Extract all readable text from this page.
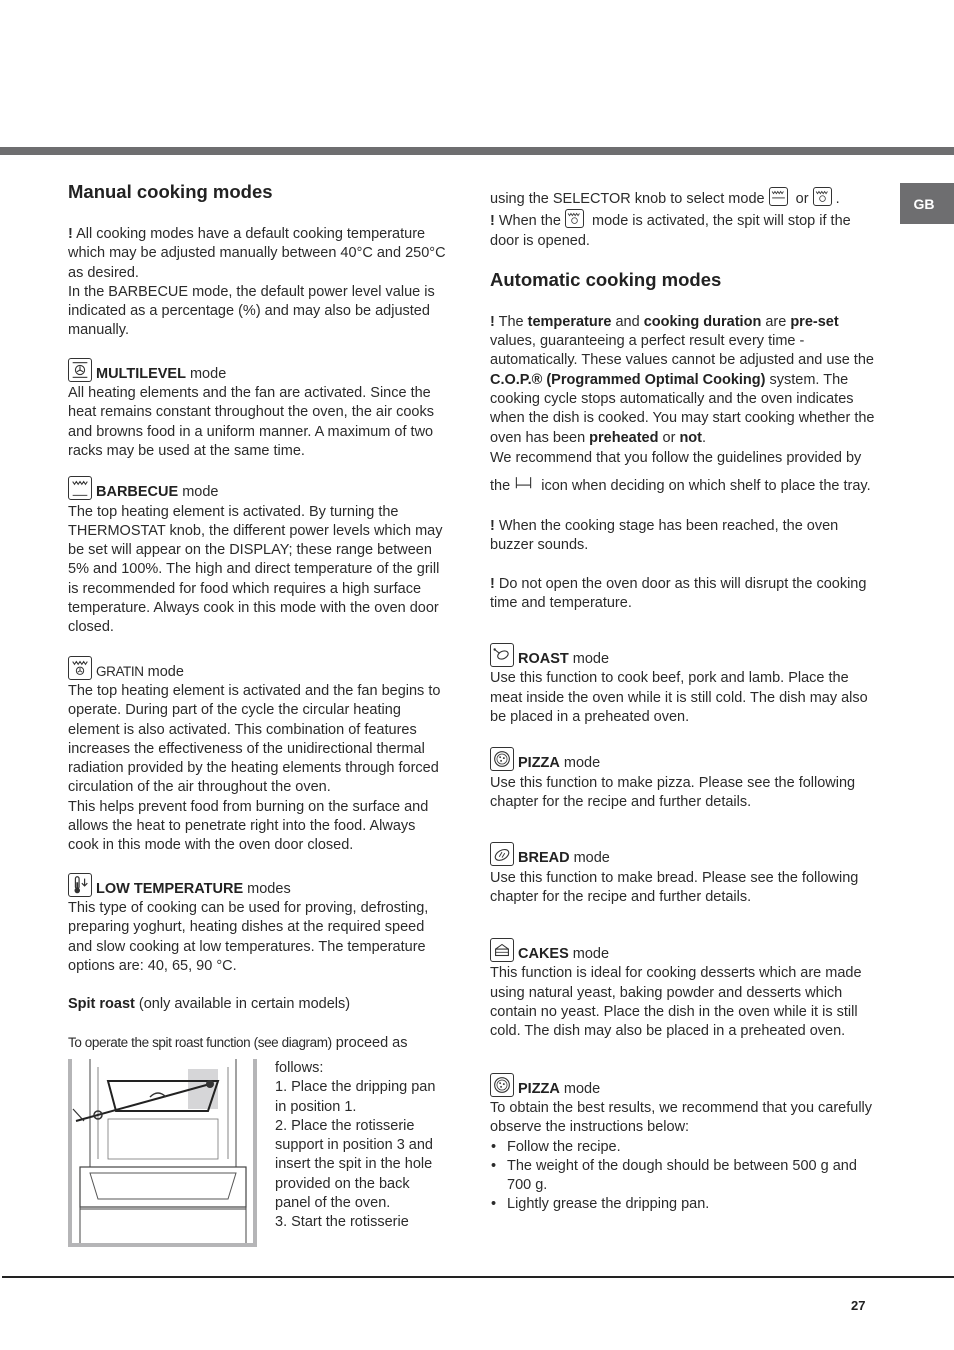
GB
Manual cooking modes

! All cooking modes have a default cooking temperature which may be adjusted manually between 40°C and 250°C as desired.

In the BARBECUE mode, the default power level value is indicated as a percentage (%) and may also be adjusted manually.

MULTILEVEL mode

All heating elements and the fan are activated. Since the heat remains constant throughout the oven, the air cooks and browns food in a uniform manner. A maximum of two racks may be used at the same time.

BARBECUE mode

The top heating element is activated. By turning the THERMOSTAT knob, the different power levels which may be set will appear on the DISPLAY; these range between 5% and 100%. The high and direct temperature of the grill is recommended for food which requires a high surface temperature. Always cook in this mode with the oven door closed.

GRATIN mode

The top heating element is activated and the fan begins to operate. During part of the cycle the circular heating element is also activated. This combination of features increases the effectiveness of the unidirectional thermal radiation provided by the heating elements through forced circulation of the air throughout the oven.

This helps prevent food from burning on the surface and allows the heat to penetrate right into the food. Always cook in this mode with the oven door closed.

LOW TEMPERATURE modes

This type of cooking can be used for proving, defrosting, preparing yoghurt, heating dishes at the required speed and slow cooking at low temperatures. The temperature options are: 40, 65, 90 °C.

Spit roast (only available in certain models)

To operate the spit roast function (see diagram) proceed as

follows:

1. Place the dripping pan in position 1.
2. Place the rotisserie support in position 3 and insert the spit in the hole provided on the back panel of the oven.
3. Start the rotisserie

using the SELECTOR knob to select mode
or
.

! When the
mode is activated, the spit will stop if the door is opened.

Automatic cooking modes

! The temperature and cooking duration are pre-set values, guaranteeing a perfect result every time - automatically. These values cannot be adjusted and use the C.O.P.® (Programmed Optimal Cooking) system. The cooking cycle stops automatically and the oven indicates when the dish is cooked. You may start cooking whether the oven has been preheated or not.

We recommend that you follow the guidelines provided by the
icon when deciding on which shelf to place the tray.

! When the cooking stage has been reached, the oven buzzer sounds.

! Do not open the oven door as this will disrupt the cooking time and temperature.

ROAST mode

Use this function to cook beef, pork and lamb. Place the meat inside the oven while it is still cold. The dish may also be placed in a preheated oven.

PIZZA mode

Use this function to make pizza. Please see the following chapter for the recipe and further details.

BREAD mode

Use this function to make bread. Please see the following chapter for the recipe and further details.

CAKES mode

This function is ideal for cooking desserts which are made using natural yeast, baking powder and desserts which contain no yeast. Place the dish in the oven while it is still cold. The dish may also be placed in a preheated oven.

PIZZA mode

To obtain the best results, we recommend that you carefully observe the instructions below:

• Follow the recipe.
• The weight of the dough should be between 500 g and 700 g.
• Lightly grease the dripping pan.
27
